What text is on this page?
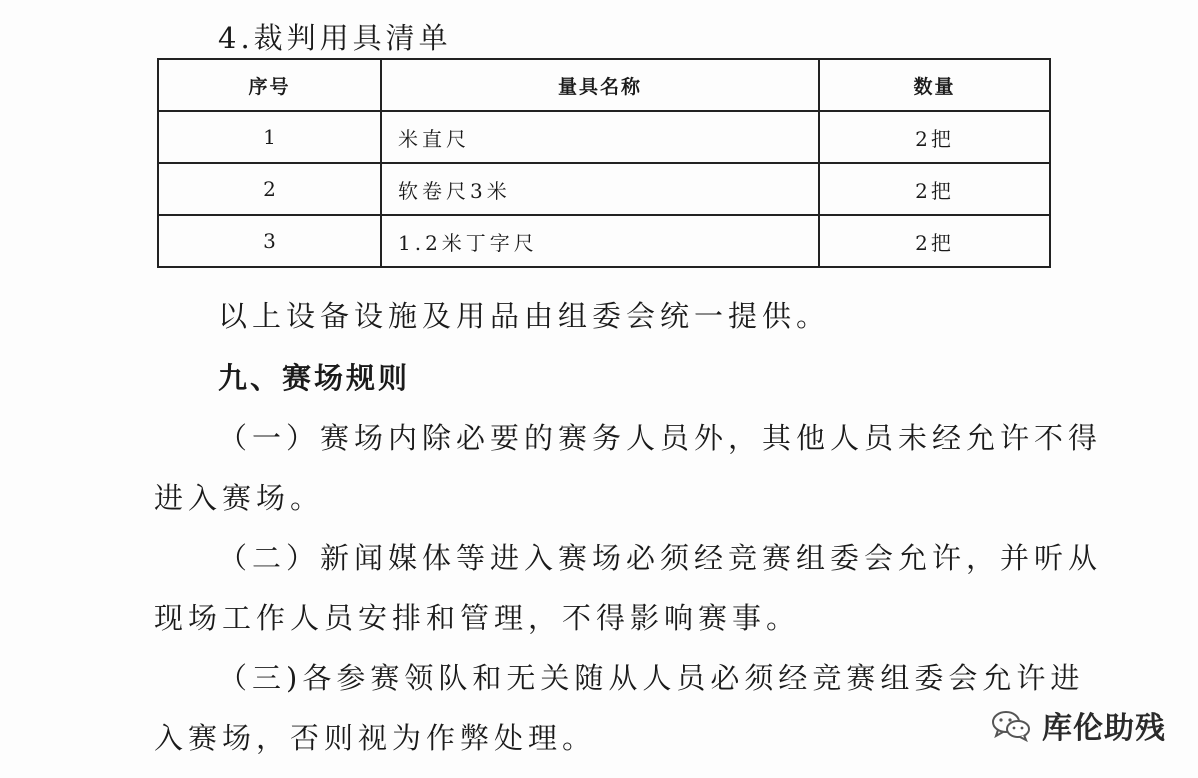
4.裁判用具清单
序号	量具名称	数量
1	米直尺	2把
2	软卷尺3米	2把
3	1.2米丁字尺	2把
以上设备设施及用品由组委会统一提供。
九、赛场规则
（一）赛场内除必要的赛务人员外，其他人员未经允许不得
进入赛场。
（二）新闻媒体等进入赛场必须经竞赛组委会允许，并听从
现场工作人员安排和管理，不得影响赛事。
（三)各参赛领队和无关随从人员必须经竞赛组委会允许进
入赛场，否则视为作弊处理。	库伦助残
